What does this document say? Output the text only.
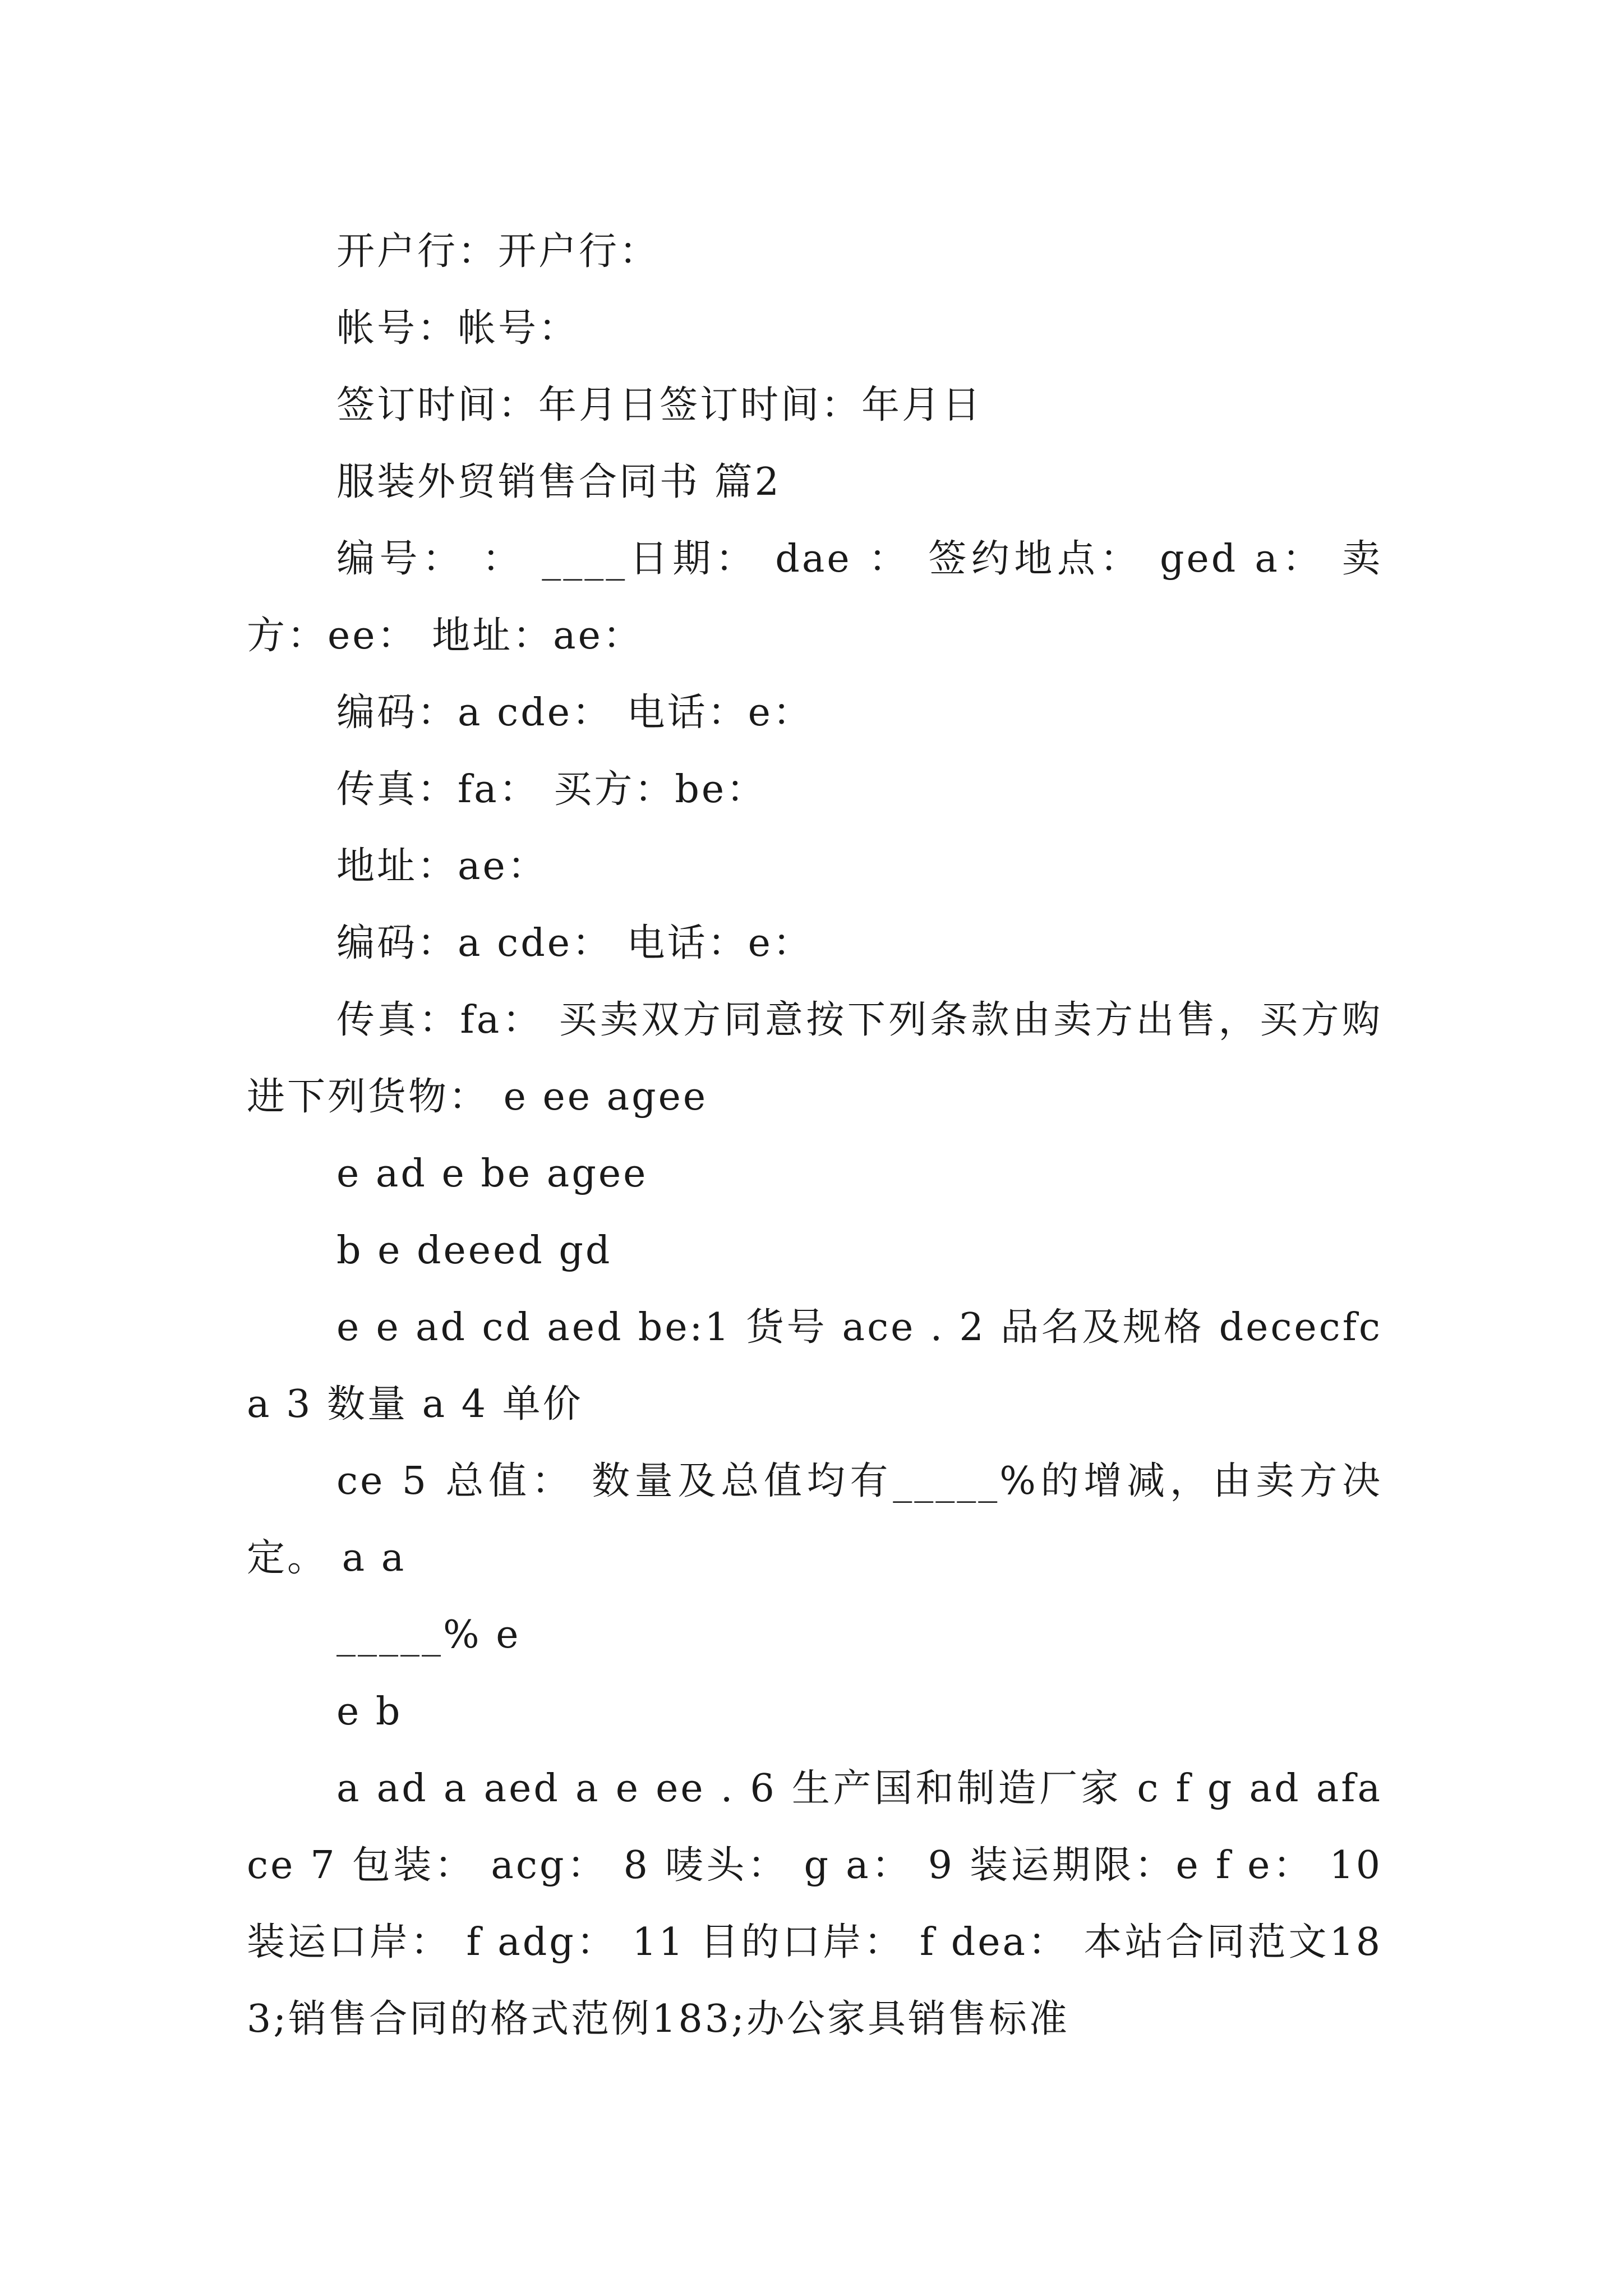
开户行：开户行：

帐号：帐号：

签订时间：年月日签订时间：年月日

服装外贸销售合同书 篇2

编号： ： ____日期： dae ： 签约地点： ged a： 卖方：ee： 地址：ae：

编码：a cde： 电话：e：

传真：fa： 买方：be：

地址：ae：

编码：a cde： 电话：e：

传真：fa： 买卖双方同意按下列条款由卖方出售，买方购进下列货物： e ee agee

e ad e be agee

b e deeed gd

e e ad cd aed be:1 货号 ace . 2 品名及规格 dececfca 3 数量 a 4 单价

ce 5 总值： 数量及总值均有_____%的增减，由卖方决定。 a a

_____% e

e b

a ad a aed a e ee . 6 生产国和制造厂家 c f g ad aface 7 包装： acg： 8 唛头： g a： 9 装运期限：e f e： 10 装运口岸： f adg： 11 目的口岸： f dea： 本站合同范文183;销售合同的格式范例183;办公家具销售标准
